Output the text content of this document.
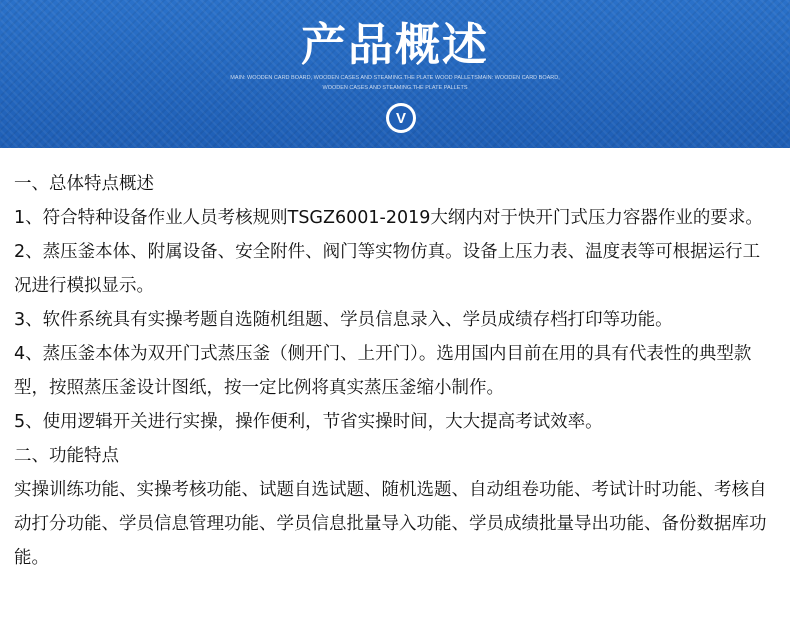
产品概述
MAIN: WOODEN CARD BOARD, WOODEN CASES AND STEAMING.THE PLATE WOOD PALLETSMAIN: WOODEN CARD BOARD, WOODEN CASES AND STEAMING.THE PLATE PALLETS
V

一、总体特点概述

1、符合特种设备作业人员考核规则TSGZ6001-2019大纲内对于快开门式压力容器作业的要求。

2、蒸压釜本体、附属设备、安全附件、阀门等实物仿真。设备上压力表、温度表等可根据运行工况进行模拟显示。

3、软件系统具有实操考题自选随机组题、学员信息录入、学员成绩存档打印等功能。

4、蒸压釜本体为双开门式蒸压釜（侧开门、上开门）。选用国内目前在用的具有代表性的典型款型，按照蒸压釜设计图纸，按一定比例将真实蒸压釜缩小制作。

5、使用逻辑开关进行实操，操作便利，节省实操时间，大大提高考试效率。

二、功能特点

实操训练功能、实操考核功能、试题自选试题、随机选题、自动组卷功能、考试计时功能、考核自动打分功能、学员信息管理功能、学员信息批量导入功能、学员成绩批量导出功能、备份数据库功能。
